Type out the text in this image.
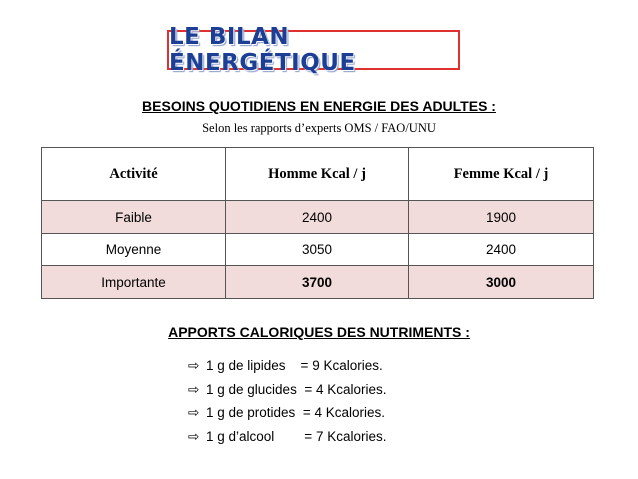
LE BILAN ÉNERGÉTIQUE
BESOINS QUOTIDIENS EN ENERGIE DES ADULTES :
Selon les rapports d’experts OMS / FAO/UNU
Activité	Homme Kcal / j	Femme Kcal / j
Faible	2400	1900
Moyenne	3050	2400
Importante	3700	3000
APPORTS CALORIQUES DES NUTRIMENTS :
⇨ 1 g de lipides    = 9 Kcalories.
⇨ 1 g de glucides  = 4 Kcalories.
⇨ 1 g de protides  = 4 Kcalories.
⇨ 1 g d’alcool        = 7 Kcalories.
